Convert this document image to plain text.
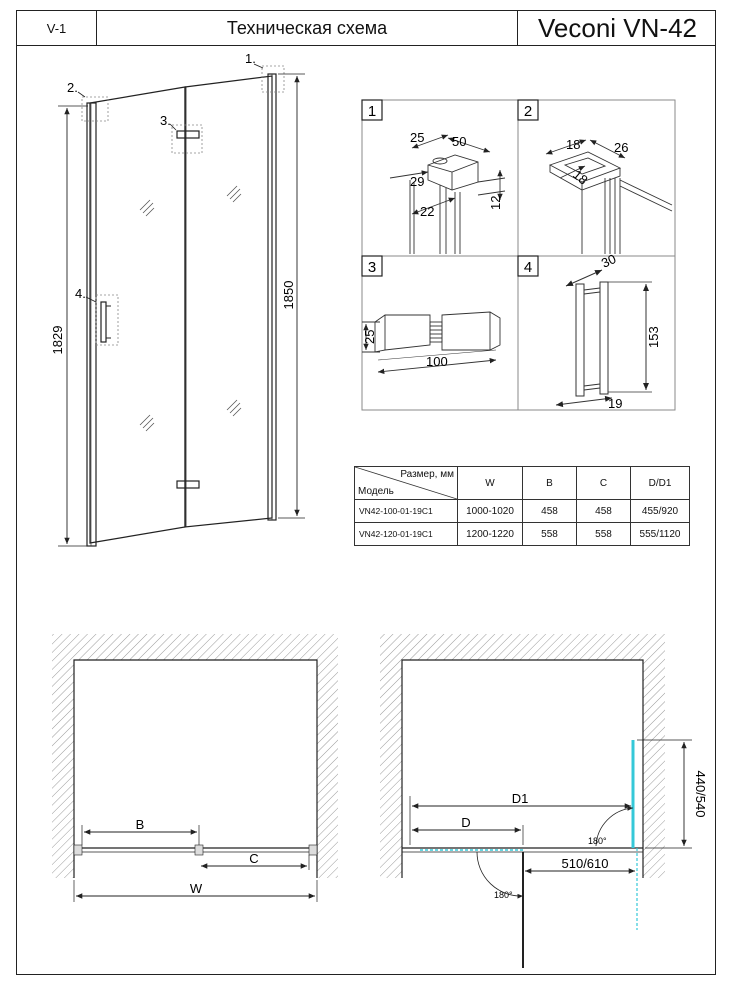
V-1	Техническая схема	Veconi VN-42
1.
2.
3.
4.
1829
1850
1	2
3	4
25 50
29
22
12
18	26
18
25
100
30
153
19
B
C
W	180°
180°
D1
D
440/540
510/610
Размер, мм
Модель	W	B	C	D/D1
VN42-100-01-19C1	1000-1020	458	458	455/920
VN42-120-01-19C1	1200-1220	558	558	555/1120
